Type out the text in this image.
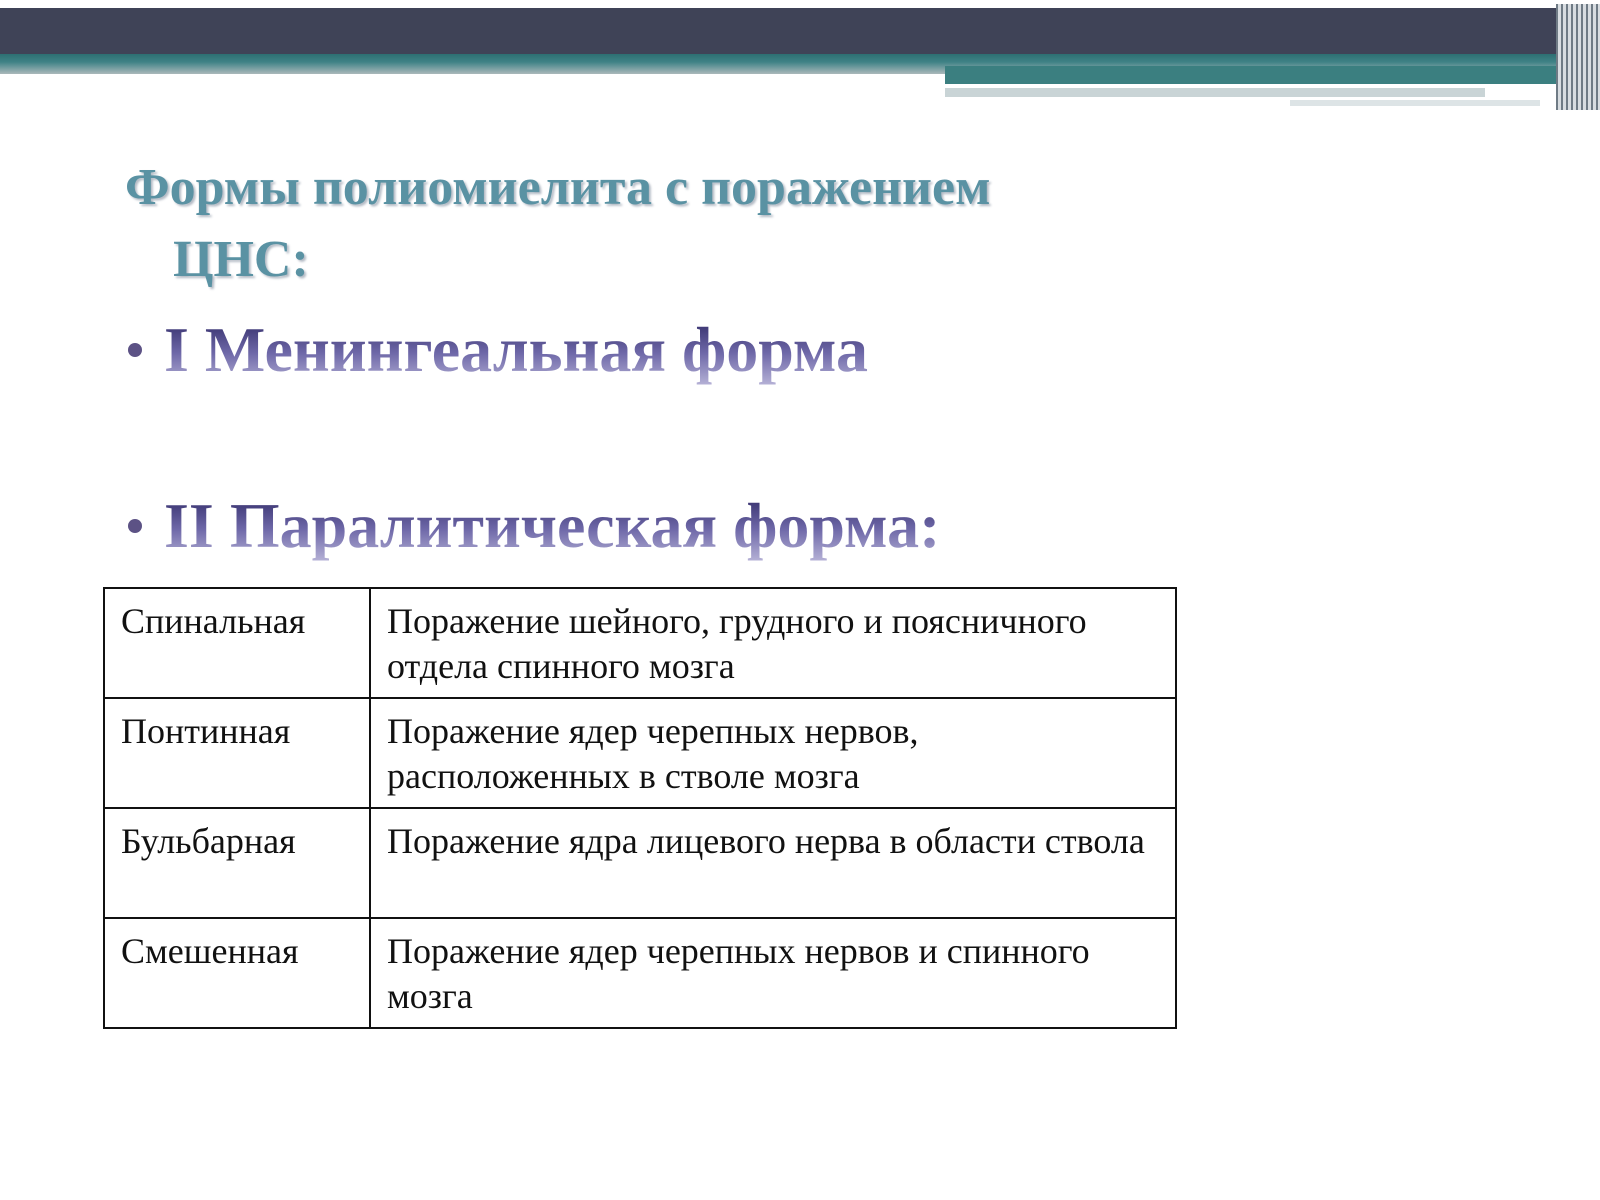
Формы полиомиелита с поражением
ЦНС:
I Менингеальная форма
II Паралитическая форма:
Спинальная	Поражение шейного, грудного и поясничного отдела спинного мозга
Понтинная	Поражение ядер черепных нервов, расположенных в стволе мозга
Бульбарная	Поражение ядра лицевого нерва в области ствола
Смешенная	Поражение ядер черепных нервов и спинного мозга
